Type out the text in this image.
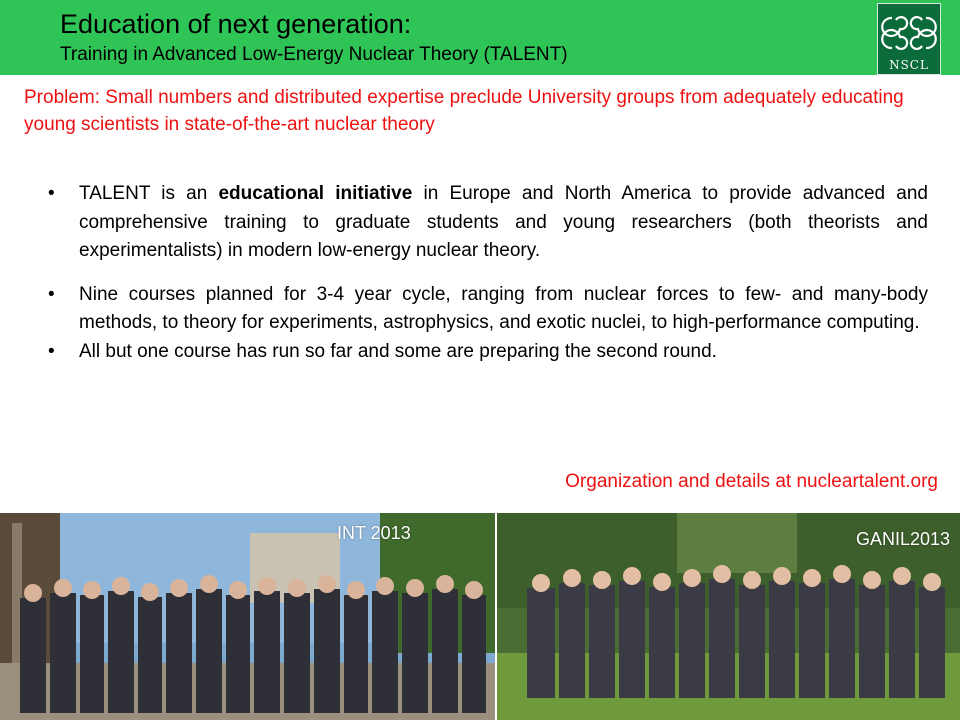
Education of next generation:
Training in Advanced Low-Energy Nuclear Theory (TALENT)	NSCL
Problem: Small numbers and distributed expertise preclude University groups from adequately educating young scientists in state-of-the-art nuclear theory
• TALENT is an educational initiative in Europe and North America to provide advanced and comprehensive training to graduate students and young researchers (both theorists and experimentalists) in modern low-energy nuclear theory.
• Nine courses planned for 3-4 year cycle, ranging from nuclear forces to few- and many-body methods, to theory for experiments, astrophysics, and exotic nuclei, to high-performance computing.
• All but one course has run so far and some are preparing the second round.
Organization and details at nucleartalent.org
INT 2013	GANIL2013
